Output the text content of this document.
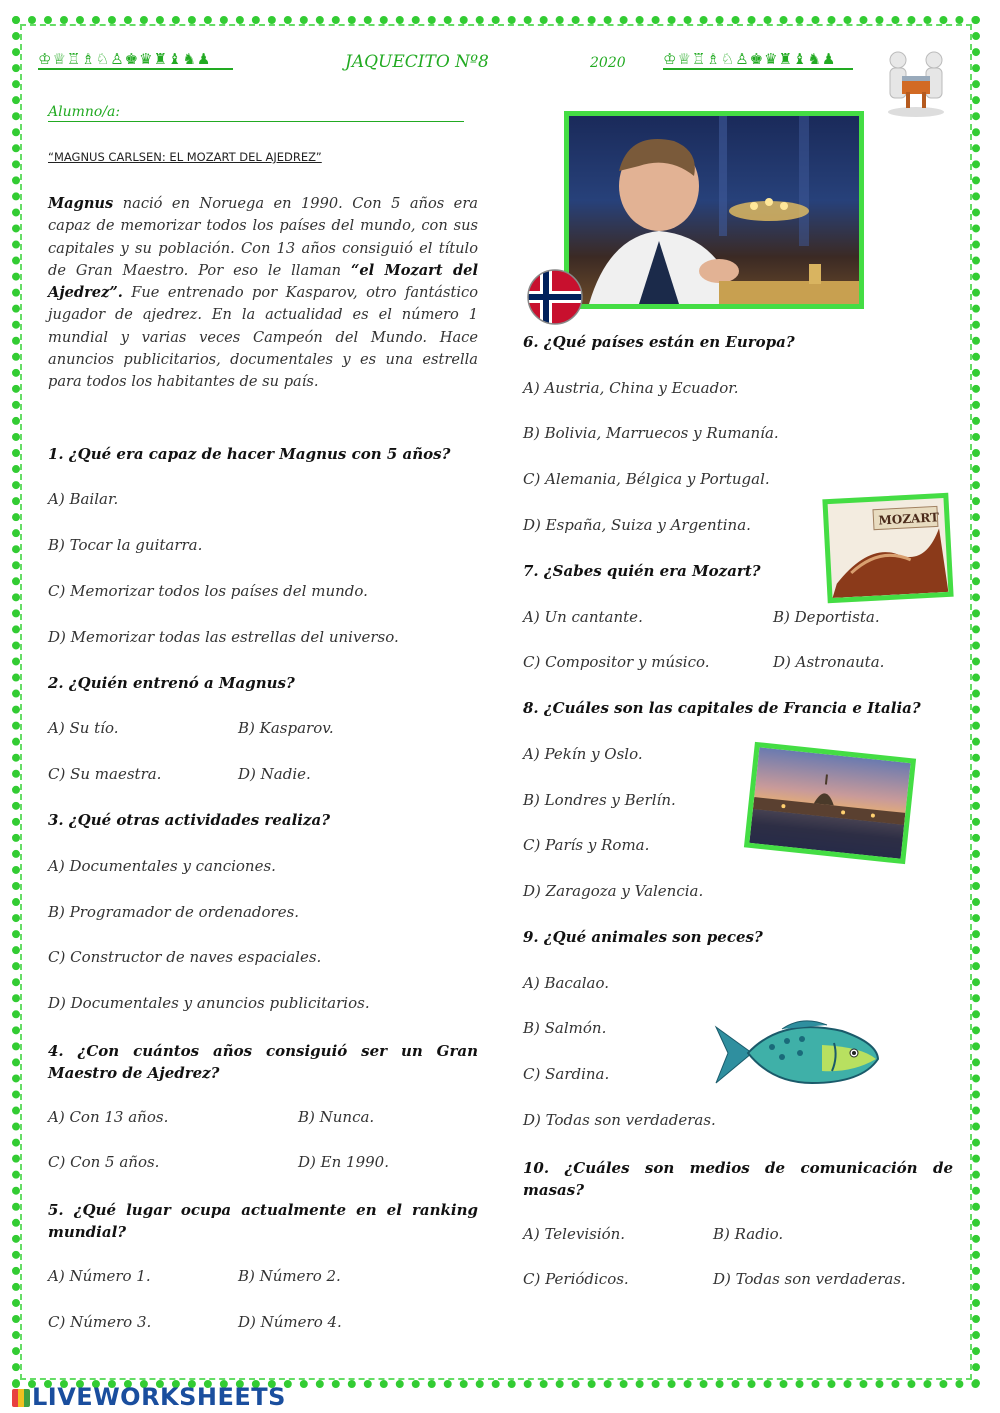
♔♕♖♗♘♙♚♛♜♝♞♟	JAQUECITO Nº8	2020 ♔♕♖♗♘♙♚♛♜♝♞♟
Alumno/a:
“MAGNUS CARLSEN: EL MOZART DEL AJEDREZ”
Magnus nació en Noruega en 1990. Con 5 años era capaz de memorizar todos los países del mundo, con sus capitales y su población. Con 13 años consiguió el título de Gran Maestro. Por eso le llaman “el Mozart del Ajedrez”. Fue entrenado por Kasparov, otro fantástico jugador de ajedrez. En la actualidad es el número 1 mundial y varias veces Campeón del Mundo. Hace anuncios publicitarios, documentales y es una estrella para todos los habitantes de su país.
1. ¿Qué era capaz de hacer Magnus con 5 años?
A) Bailar.
B) Tocar la guitarra.
C) Memorizar todos los países del mundo.
D) Memorizar todas las estrellas del universo.
2. ¿Quién entrenó a Magnus?
A) Su tío.	B) Kasparov.
C) Su maestra.	D) Nadie.
3. ¿Qué otras actividades realiza?
A) Documentales y canciones.
B) Programador de ordenadores.
C) Constructor de naves espaciales.
D) Documentales y anuncios publicitarios.
4. ¿Con cuántos años consiguió ser un Gran Maestro de Ajedrez?
A) Con 13 años.	B) Nunca.
C) Con 5 años.	D) En 1990.
5. ¿Qué lugar ocupa actualmente en el ranking mundial?
A) Número 1.	B) Número 2.
C) Número 3.	D) Número 4.
6. ¿Qué países están en Europa?
A) Austria, China y Ecuador.
B) Bolivia, Marruecos y Rumanía.
C) Alemania, Bélgica y Portugal.
D) España, Suiza y Argentina.	MOZART
7. ¿Sabes quién era Mozart?
A) Un cantante.	B) Deportista.
C) Compositor y músico.	D) Astronauta.
8. ¿Cuáles son las capitales de Francia e Italia?
A) Pekín y Oslo.
B) Londres y Berlín.
C) París y Roma.
D) Zaragoza y Valencia.
9. ¿Qué animales son peces?
A) Bacalao.
B) Salmón.
C) Sardina.
D) Todas son verdaderas.
10. ¿Cuáles son medios de comunicación de masas?
A) Televisión.	B) Radio.
C) Periódicos.	D) Todas son verdaderas.
LIVEWORKSHEETS
